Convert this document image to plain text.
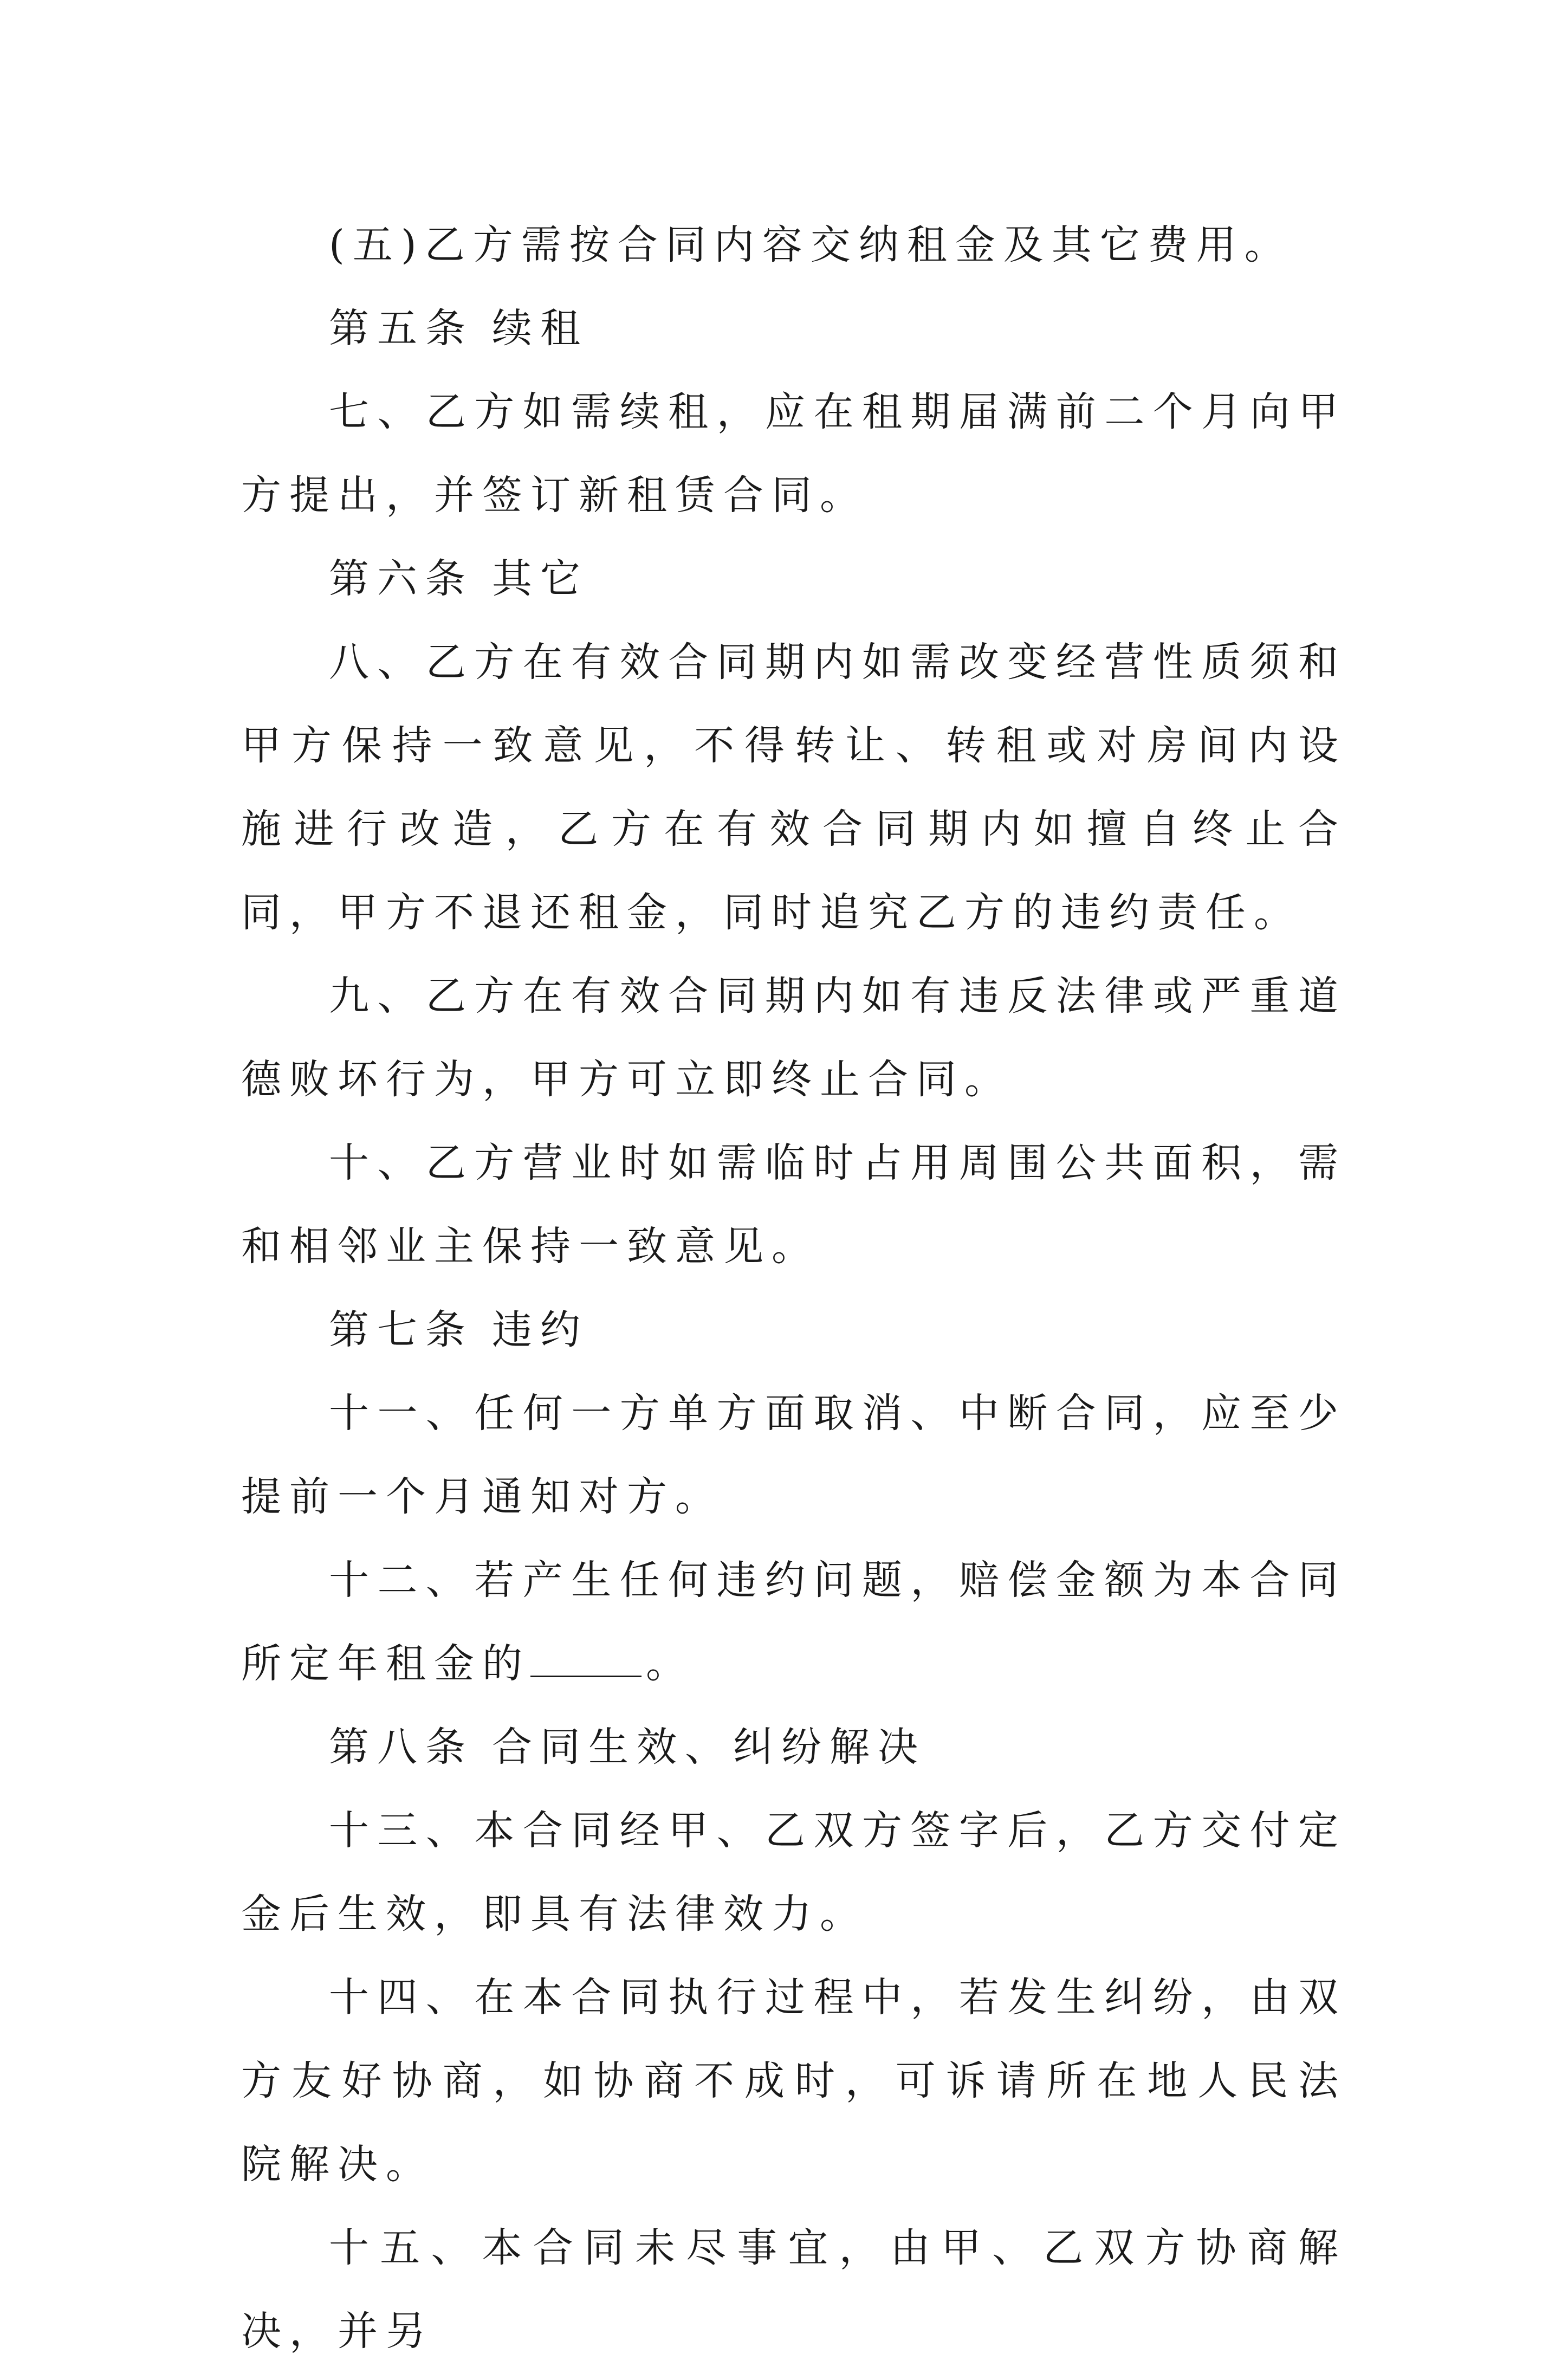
(五)乙方需按合同内容交纳租金及其它费用。

第五条 续租

七、乙方如需续租，应在租期届满前二个月向甲方提出，并签订新租赁合同。

第六条 其它

八、乙方在有效合同期内如需改变经营性质须和甲方保持一致意见，不得转让、转租或对房间内设施进行改造，乙方在有效合同期内如擅自终止合同，甲方不退还租金，同时追究乙方的违约责任。

九、乙方在有效合同期内如有违反法律或严重道德败坏行为，甲方可立即终止合同。

十、乙方营业时如需临时占用周围公共面积，需和相邻业主保持一致意见。

第七条 违约

十一、任何一方单方面取消、中断合同，应至少提前一个月通知对方。

十二、若产生任何违约问题，赔偿金额为本合同所定年租金的	。

第八条 合同生效、纠纷解决

十三、本合同经甲、乙双方签字后，乙方交付定金后生效，即具有法律效力。

十四、在本合同执行过程中，若发生纠纷，由双方友好协商，如协商不成时，可诉请所在地人民法院解决。

十五、本合同未尽事宜，由甲、乙双方协商解决，并另
